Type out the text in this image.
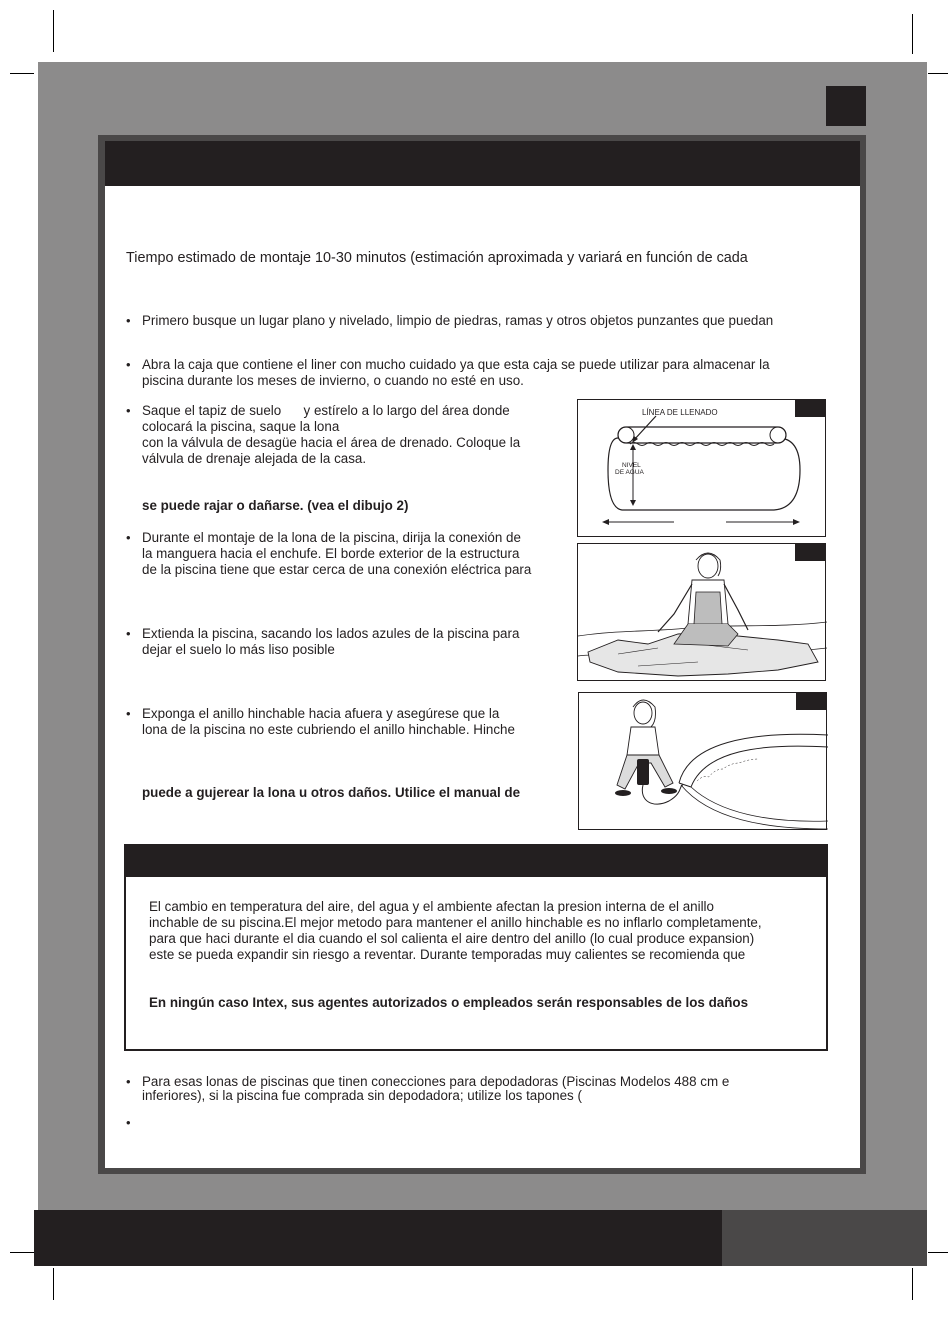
Tiempo estimado de montaje 10-30 minutos (estimación aproximada y variará en función de cada
• Primero busque un lugar plano y nivelado, limpio de piedras, ramas y otros objetos punzantes que puedan
• Abra la caja que contiene el liner con mucho cuidado ya que esta caja se puede utilizar para almacenar la
piscina durante los meses de invierno, o cuando no esté en uso.
• Saque el tapiz de suelo      y estírelo a lo largo del área donde
colocará la piscina, saque la lona
con la válvula de desagüe hacia el área de drenado. Coloque la
válvula de drenaje alejada de la casa.
se puede rajar o dañarse. (vea el dibujo 2)
• Durante el montaje de la lona de la piscina, dirija la conexión de
la manguera hacia el enchufe. El borde exterior de la estructura
de la piscina tiene que estar cerca de una conexión eléctrica para
• Extienda la piscina, sacando los lados azules de la piscina para
dejar el suelo lo más liso posible
• Exponga el anillo hinchable hacia afuera y asegúrese que la
lona de la piscina no este cubriendo el anillo hinchable. Hinche
puede a gujerear la lona u otros daños. Utilice el manual de
LÍNEA DE LLENADO
NIVEL
DE AGUA
El cambio en temperatura del aire, del agua y el ambiente afectan la presion interna de el anillo
inchable de su piscina.El mejor metodo para mantener el anillo hinchable es no inflarlo completamente,
para que haci durante el dia cuando el sol calienta el aire dentro del anillo (lo cual produce expansion)
este se pueda expandir sin riesgo a reventar. Durante temporadas muy calientes se recomienda que
En ningún caso Intex, sus agentes autorizados o empleados serán responsables de los daños
• Para esas lonas de piscinas que tinen conecciones para depodadoras (Piscinas Modelos 488 cm e
inferiores), si la piscina fue comprada sin depodadora; utilize los tapones (
•
